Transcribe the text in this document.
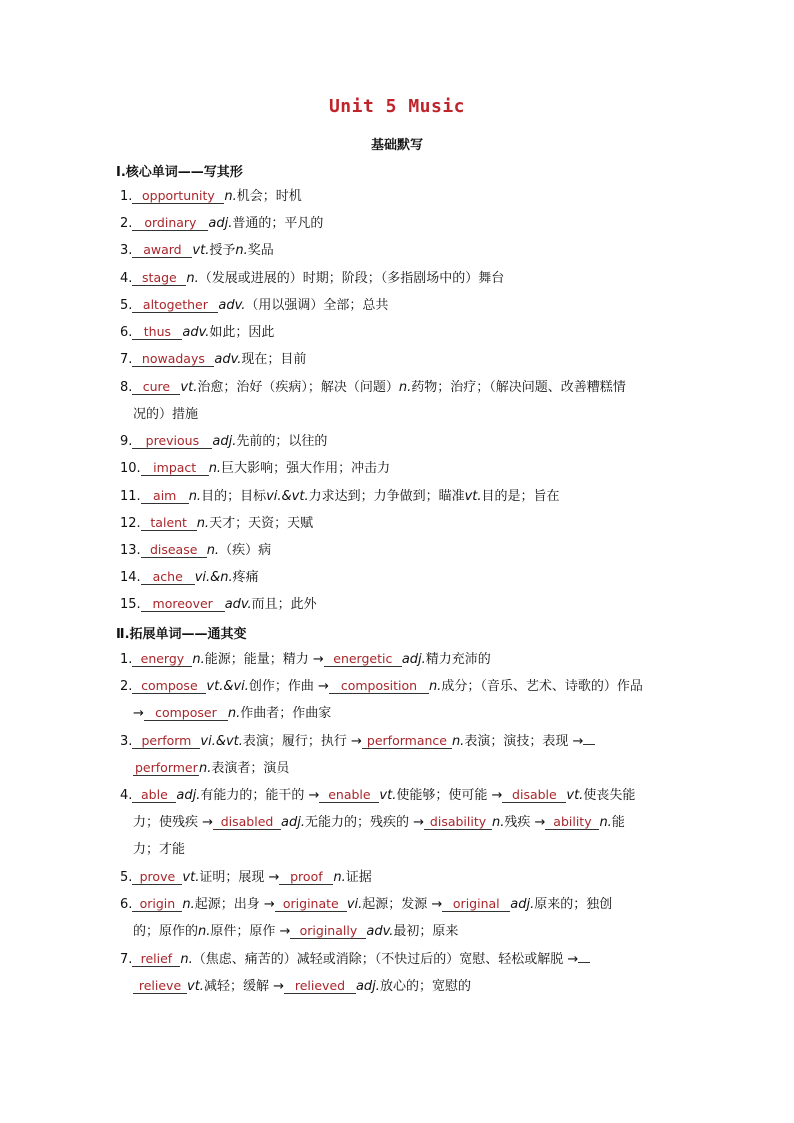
Unit 5 Music
基础默写
Ⅰ.核心单词——写其形
1. opportunity n.机会；时机
2. ordinary adj.普通的；平凡的
3. award vt.授予n.奖品
4. stage n.（发展或进展的）时期；阶段；（多指剧场中的）舞台
5. altogether adv.（用以强调）全部；总共
6. thus adv.如此；因此
7. nowadays adv.现在；目前
8. cure vt.治愈；治好（疾病）；解决（问题）n.药物；治疗；（解决问题、改善糟糕情
况的）措施
9. previous adj.先前的；以往的
10. impact n.巨大影响；强大作用；冲击力
11. aim n.目的；目标vi.&vt.力求达到；力争做到；瞄准vt.目的是；旨在
12. talent n.天才；天资；天赋
13. disease n.（疾）病
14. ache vi.&n.疼痛
15. moreover adv.而且；此外
Ⅱ.拓展单词——通其变
1. energy n.能源；能量；精力 → energetic adj.精力充沛的
2. compose vt.&vi.创作；作曲 → composition n.成分；（音乐、艺术、诗歌的）作品
→ composer n.作曲者；作曲家
3. perform vi.&vt.表演；履行；执行 → performance n.表演；演技；表现 →
performern.表演者；演员
4. able adj.有能力的；能干的 → enable vt.使能够；使可能 → disable vt.使丧失能
力；使残疾 → disabled adj.无能力的；残疾的 → disability n.残疾 → ability n.能
力；才能
5. prove vt.证明；展现 → proof n.证据
6. origin n.起源；出身 → originate vi.起源；发源 → original adj.原来的；独创
的；原作的n.原件；原作 → originally adv.最初；原来
7. relief n.（焦虑、痛苦的）减轻或消除；（不快过后的）宽慰、轻松或解脱 →
relieve vt.减轻；缓解 → relieved adj.放心的；宽慰的
